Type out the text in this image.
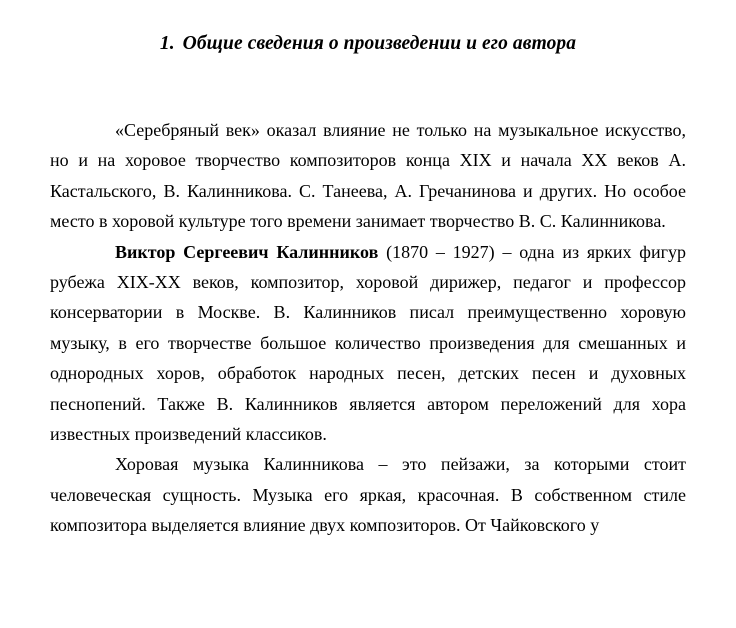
1. Общие сведения о произведении и его автора

«Серебряный век» оказал влияние не только на музыкальное искусство, но и на хоровое творчество композиторов конца XIX и начала XX веков А. Кастальского, В. Калинникова. С. Танеева, А. Гречанинова и других. Но особое место в хоровой культуре того времени занимает творчество В. С. Калинникова.

Виктор Сергеевич Калинников (1870 – 1927) – одна из ярких фигур рубежа XIX-XX веков, композитор, хоровой дирижер, педагог и профессор консерватории в Москве. В. Калинников писал преимущественно хоровую музыку, в его творчестве большое количество произведения для смешанных и однородных хоров, обработок народных песен, детских песен и духовных песнопений. Также В. Калинников является автором переложений для хора известных произведений классиков.

Хоровая музыка Калинникова – это пейзажи, за которыми стоит человеческая сущность. Музыка его яркая, красочная. В собственном стиле композитора выделяется влияние двух композиторов. От Чайковского у
